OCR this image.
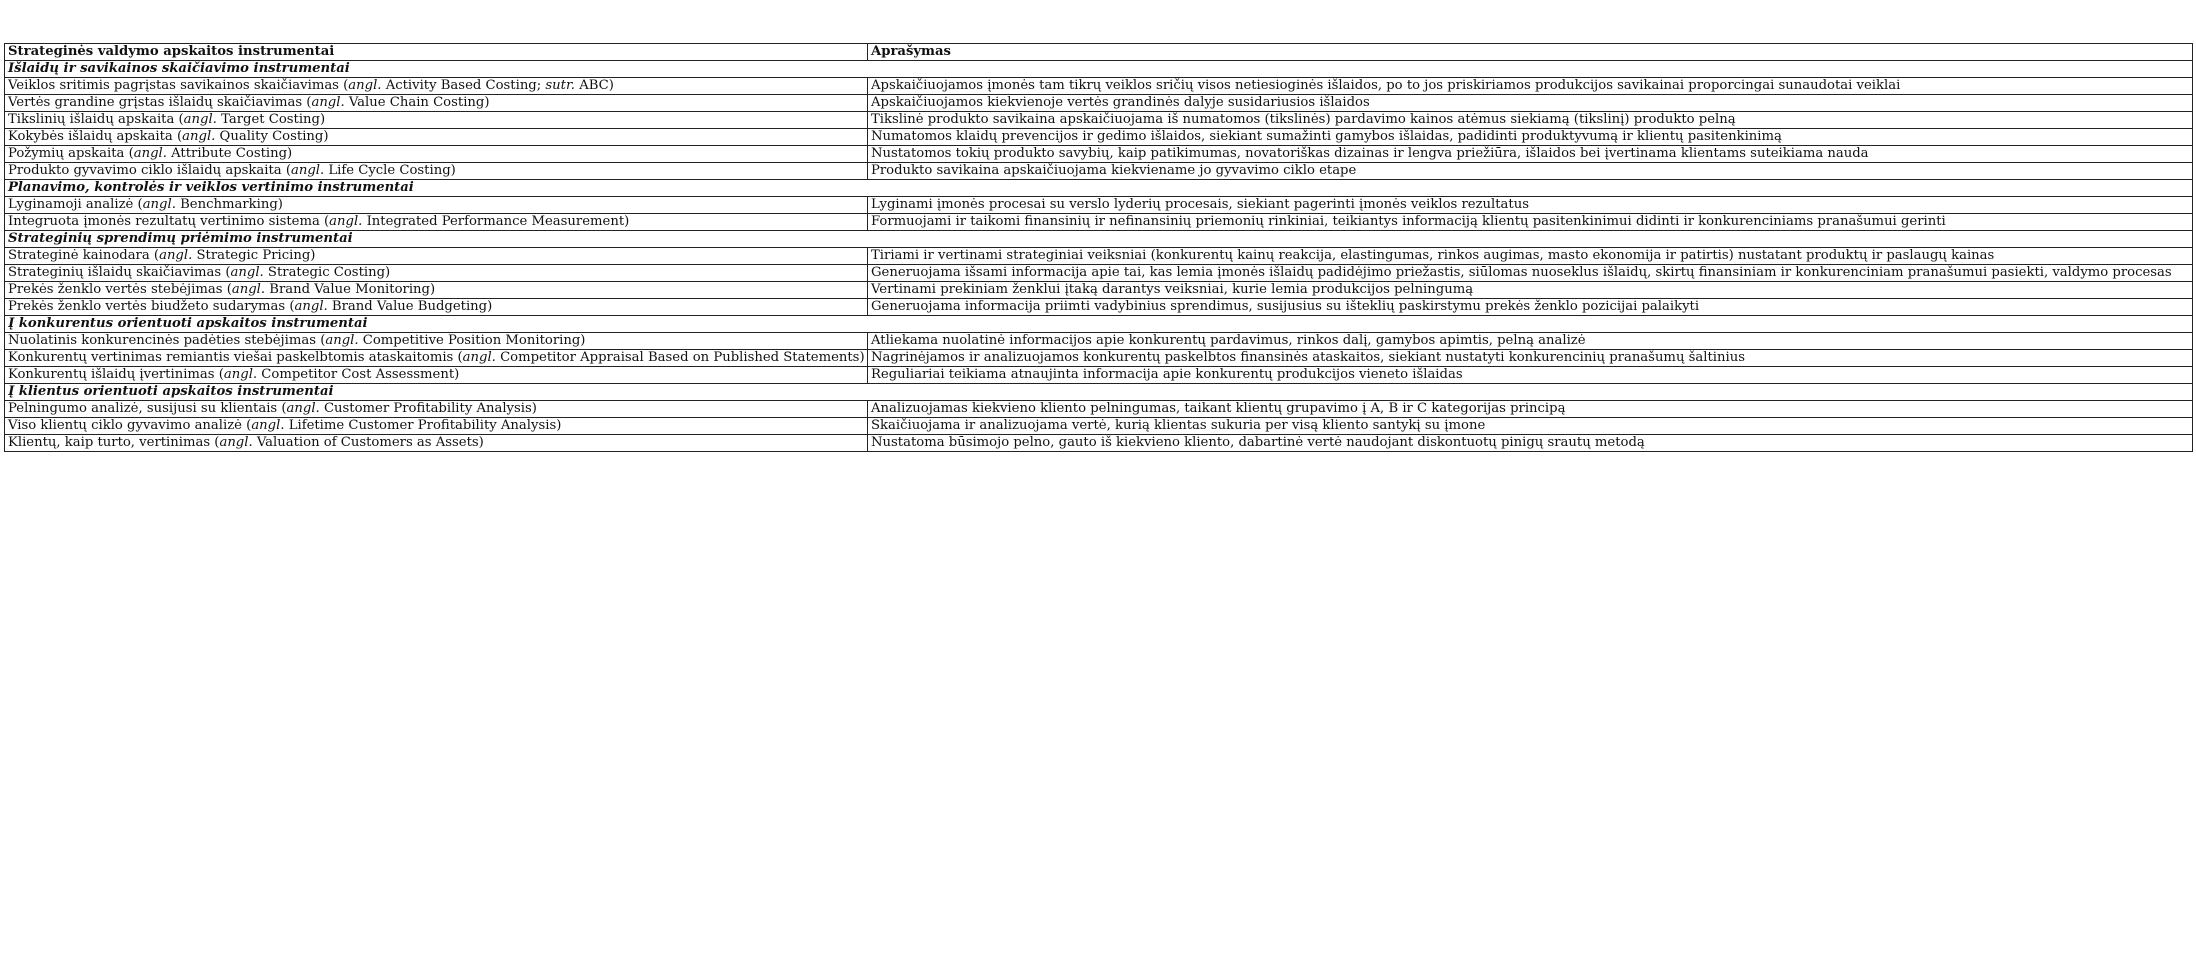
Strateginės valdymo apskaitos instrumentai	Aprašymas
Išlaidų ir savikainos skaičiavimo instrumentai	
Veiklos sritimis pagrįstas savikainos skaičiavimas (angl. Activity Based Costing; sutr. ABC)	Apskaičiuojamos įmonės tam tikrų veiklos sričių visos netiesioginės išlaidos, po to jos priskiriamos produkcijos savikainai proporcingai sunaudotai veiklai
Vertės grandine grįstas išlaidų skaičiavimas (angl. Value Chain Costing)	Apskaičiuojamos kiekvienoje vertės grandinės dalyje susidariusios išlaidos
Tikslinių išlaidų apskaita (angl. Target Costing)	Tikslinė produkto savikaina apskaičiuojama iš numatomos (tikslinės) pardavimo kainos atėmus siekiamą (tikslinį) produkto pelną
Kokybės išlaidų apskaita (angl. Quality Costing)	Numatomos klaidų prevencijos ir gedimo išlaidos, siekiant sumažinti gamybos išlaidas, padidinti produktyvumą ir klientų pasitenkinimą
Požymių apskaita (angl. Attribute Costing)	Nustatomos tokių produkto savybių, kaip patikimumas, novatoriškas dizainas ir lengva priežiūra, išlaidos bei įvertinama klientams suteikiama nauda
Produkto gyvavimo ciklo išlaidų apskaita (angl. Life Cycle Costing)	Produkto savikaina apskaičiuojama kiekviename jo gyvavimo ciklo etape
Planavimo, kontrolės ir veiklos vertinimo instrumentai	
Lyginamoji analizė (angl. Benchmarking)	Lyginami įmonės procesai su verslo lyderių procesais, siekiant pagerinti įmonės veiklos rezultatus
Integruota įmonės rezultatų vertinimo sistema (angl. Integrated Performance Measurement)	Formuojami ir taikomi finansinių ir nefinansinių priemonių rinkiniai, teikiantys informaciją klientų pasitenkinimui didinti ir konkurenciniams pranašumui gerinti
Strateginių sprendimų priėmimo instrumentai	
Strateginė kainodara (angl. Strategic Pricing)	Tiriami ir vertinami strateginiai veiksniai (konkurentų kainų reakcija, elastingumas, rinkos augimas, masto ekonomija ir patirtis) nustatant produktų ir paslaugų kainas
Strateginių išlaidų skaičiavimas (angl. Strategic Costing)	Generuojama išsami informacija apie tai, kas lemia įmonės išlaidų padidėjimo priežastis, siūlomas nuoseklus išlaidų, skirtų finansiniam ir konkurenciniam pranašumui pasiekti, valdymo procesas
Prekės ženklo vertės stebėjimas (angl. Brand Value Monitoring)	Vertinami prekiniam ženklui įtaką darantys veiksniai, kurie lemia produkcijos pelningumą
Prekės ženklo vertės biudžeto sudarymas (angl. Brand Value Budgeting)	Generuojama informacija priimti vadybinius sprendimus, susijusius su išteklių paskirstymu prekės ženklo pozicijai palaikyti
Į konkurentus orientuoti apskaitos instrumentai	
Nuolatinis konkurencinės padėties stebėjimas (angl. Competitive Position Monitoring)	Atliekama nuolatinė informacijos apie konkurentų pardavimus, rinkos dalį, gamybos apimtis, pelną analizė
Konkurentų vertinimas remiantis viešai paskelbtomis ataskaitomis (angl. Competitor Appraisal Based on Published Statements)	Nagrinėjamos ir analizuojamos konkurentų paskelbtos finansinės ataskaitos, siekiant nustatyti konkurencinių pranašumų šaltinius
Konkurentų išlaidų įvertinimas (angl. Competitor Cost Assessment)	Reguliariai teikiama atnaujinta informacija apie konkurentų produkcijos vieneto išlaidas
Į klientus orientuoti apskaitos instrumentai	
Pelningumo analizė, susijusi su klientais (angl. Customer Profitability Analysis)	Analizuojamas kiekvieno kliento pelningumas, taikant klientų grupavimo į A, B ir C kategorijas principą
Viso klientų ciklo gyvavimo analizė (angl. Lifetime Customer Profitability Analysis)	Skaičiuojama ir analizuojama vertė, kurią klientas sukuria per visą kliento santykį su įmone
Klientų, kaip turto, vertinimas (angl. Valuation of Customers as Assets)	Nustatoma būsimojo pelno, gauto iš kiekvieno kliento, dabartinė vertė naudojant diskontuotų pinigų srautų metodą
